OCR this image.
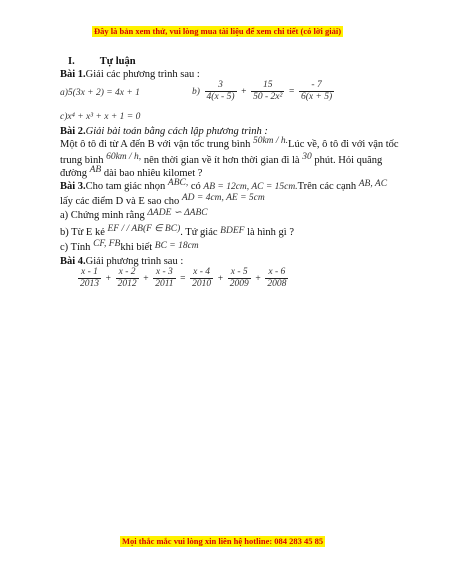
Đây là bản xem thử, vui lòng mua tài liệu để xem chi tiết (có lời giải)
I. Tự luận
Bài 1.Giải các phương trình sau :
a)5(3x + 2) = 4x + 1	$b) \frac{3}{4(x - 5)} + \frac{15}{\text{50 - 2x²}} = \frac{- 7}{6(x + 5)}$
c)x⁴ + x³ + x + 1 = 0
Bài 2.Giải bài toán bằng cách lập phương trình :
Một ô tô đi từ A đến B với vận tốc trung bình 50km / h.Lúc về, ô tô đi với vận tốc
trung bình 60km / h, nên thời gian về ít hơn thời gian đi là 30 phút. Hỏi quãng
đường AB dài bao nhiêu kilomet ?
Bài 3.Cho tam giác nhọn ABC, có AB = 12cm, AC = 15cm.Trên các cạnh AB, AC
lấy các điểm D và E sao cho AD = 4cm, AE = 5cm
a) Chứng minh rằng ΔADE ∽ ΔABC
b) Từ E kẻ EF / / AB(F ∈ BC). Tứ giác BDEF là hình gì ?
c) Tính CF, FBkhi biết BC = 18cm
Bài 4.Giải phương trình sau :
$\frac{x - 1}{2013} + \frac{x - 2}{2012} + \frac{x - 3}{2011} = \frac{x - 4}{2010} + \frac{x - 5}{2009} + \frac{x - 6}{2008}$
Mọi thắc mắc vui lòng xin liên hệ hotline: 084 283 45 85
